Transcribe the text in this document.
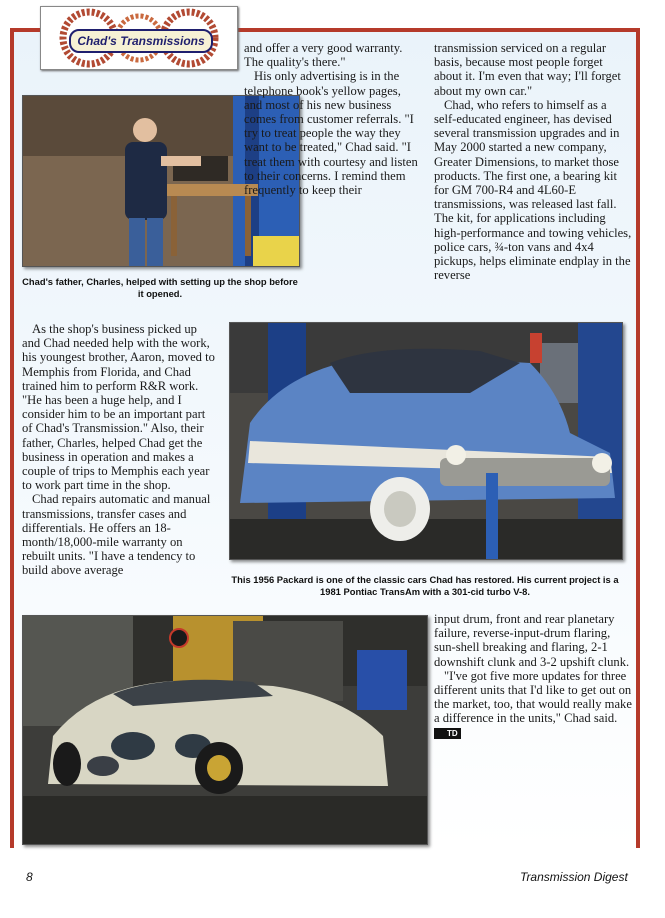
Chad's Transmissions
Chad's father, Charles, helped with setting up the shop before it opened.

and offer a very good warranty. The quality's there."

His only advertising is in the telephone book's yellow pages, and most of his new business comes from customer referrals. "I try to treat people the way they want to be treated," Chad said. "I treat them with courtesy and listen to their concerns. I remind them frequently to keep their

transmission serviced on a regular basis, because most people forget about it. I'm even that way; I'll forget about my own car."

Chad, who refers to himself as a self-educated engineer, has devised several transmission upgrades and in May 2000 started a new company, Greater Dimensions, to market those products. The first one, a bearing kit for GM 700-R4 and 4L60-E transmissions, was released last fall. The kit, for applications including high-performance and towing vehicles, police cars, ¾-ton vans and 4x4 pickups, helps eliminate endplay in the reverse

As the shop's business picked up and Chad needed help with the work, his youngest brother, Aaron, moved to Memphis from Florida, and Chad trained him to perform R&R work. "He has been a huge help, and I consider him to be an important part of Chad's Transmission." Also, their father, Charles, helped Chad get the business in operation and makes a couple of trips to Memphis each year to work part time in the shop.

Chad repairs automatic and manual transmissions, transfer cases and differentials. He offers an 18-month/18,000-mile warranty on rebuilt units. "I have a tendency to build above average

This 1956 Packard is one of the classic cars Chad has restored. His current project is a 1981 Pontiac TransAm with a 301-cid turbo V-8.

input drum, front and rear planetary failure, reverse-input-drum flaring, sun-shell breaking and flaring, 2-1 downshift clunk and 3-2 upshift clunk.

"I've got five more updates for three different units that I'd like to get out on the market, too, that would really make a difference in the units," Chad said. TD

8	Transmission Digest
